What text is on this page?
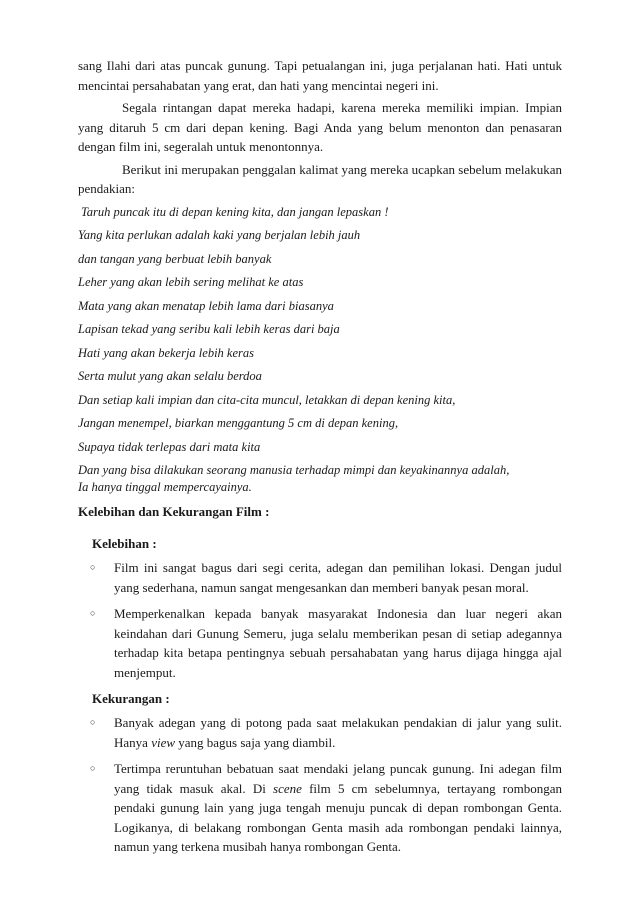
sang Ilahi dari atas puncak gunung. Tapi petualangan ini, juga perjalanan hati. Hati untuk mencintai persahabatan yang erat, dan hati yang mencintai negeri ini.

Segala rintangan dapat mereka hadapi, karena mereka memiliki impian. Impian yang ditaruh 5 cm dari depan kening. Bagi Anda yang belum menonton dan penasaran dengan film ini, segeralah untuk menontonnya.

Berikut ini merupakan penggalan kalimat yang mereka ucapkan sebelum melakukan pendakian:

Taruh puncak itu di depan kening kita, dan jangan lepaskan !

Yang kita perlukan adalah kaki yang berjalan lebih jauh

dan tangan yang berbuat lebih banyak

Leher yang akan lebih sering melihat ke atas

Mata yang akan menatap lebih lama dari biasanya

Lapisan tekad yang seribu kali lebih keras dari baja

Hati yang akan bekerja lebih keras

Serta mulut yang akan selalu berdoa

Dan setiap kali impian dan cita-cita muncul, letakkan di depan kening kita,

Jangan menempel, biarkan menggantung 5 cm di depan kening,

Supaya tidak terlepas dari mata kita

Dan yang bisa dilakukan seorang manusia terhadap mimpi dan keyakinannya adalah,
Ia hanya tinggal mempercayainya.

Kelebihan dan Kekurangan Film :

Kelebihan :

○ Film ini sangat bagus dari segi cerita, adegan dan pemilihan lokasi. Dengan judul yang sederhana, namun sangat mengesankan dan memberi banyak pesan moral.
○ Memperkenalkan kepada banyak masyarakat Indonesia dan luar negeri akan keindahan dari Gunung Semeru, juga selalu memberikan pesan di setiap adegannya terhadap kita betapa pentingnya sebuah persahabatan yang harus dijaga hingga ajal menjemput.

Kekurangan :

○ Banyak adegan yang di potong pada saat melakukan pendakian di jalur yang sulit. Hanya view yang bagus saja yang diambil.
○ Tertimpa reruntuhan bebatuan saat mendaki jelang puncak gunung. Ini adegan film yang tidak masuk akal. Di scene film 5 cm sebelumnya, tertayang rombongan pendaki gunung lain yang juga tengah menuju puncak di depan rombongan Genta. Logikanya, di belakang rombongan Genta masih ada rombongan pendaki lainnya, namun yang terkena musibah hanya rombongan Genta.
